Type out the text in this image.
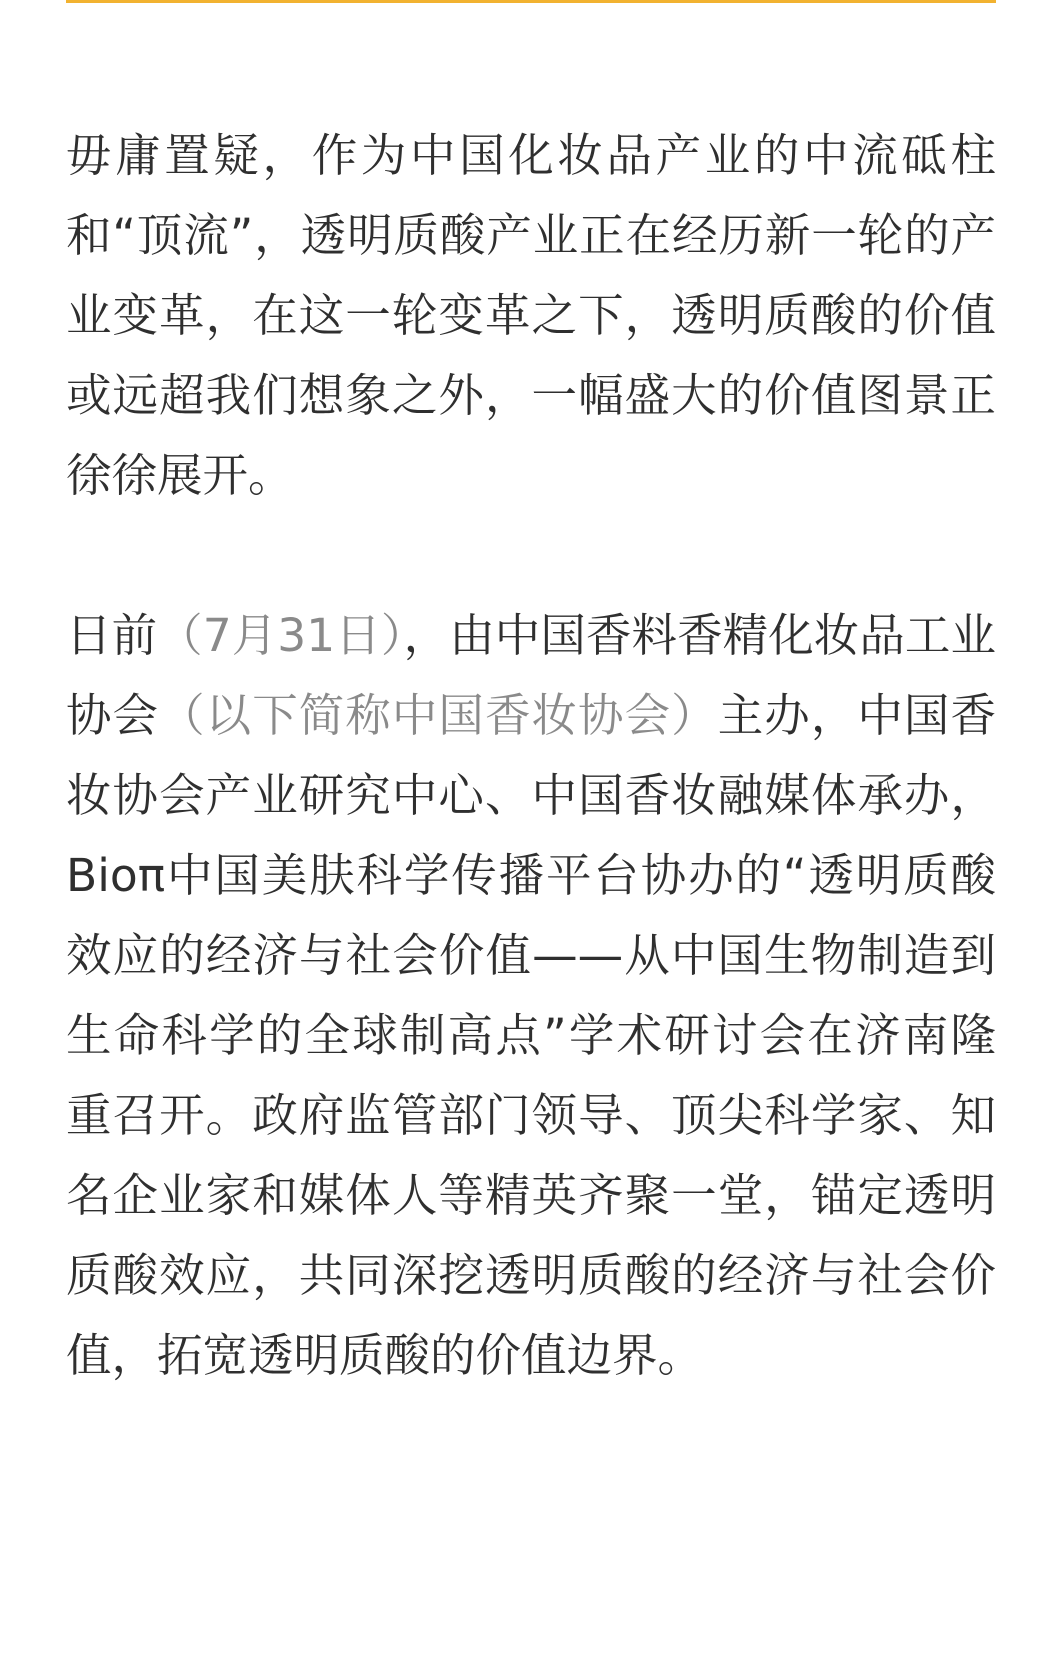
毋庸置疑，作为中国化妆品产业的中流砥柱和“顶流”，透明质酸产业正在经历新一轮的产业变革，在这一轮变革之下，透明质酸的价值或远超我们想象之外，一幅盛大的价值图景正徐徐展开。

日前（7月31日），由中国香料香精化妆品工业协会（以下简称中国香妆协会）主办，中国香妆协会产业研究中心、中国香妆融媒体承办，Bioπ中国美肤科学传播平台协办的“透明质酸效应的经济与社会价值——从中国生物制造到生命科学的全球制高点”学术研讨会在济南隆重召开。政府监管部门领导、顶尖科学家、知名企业家和媒体人等精英齐聚一堂，锚定透明质酸效应，共同深挖透明质酸的经济与社会价值，拓宽透明质酸的价值边界。
